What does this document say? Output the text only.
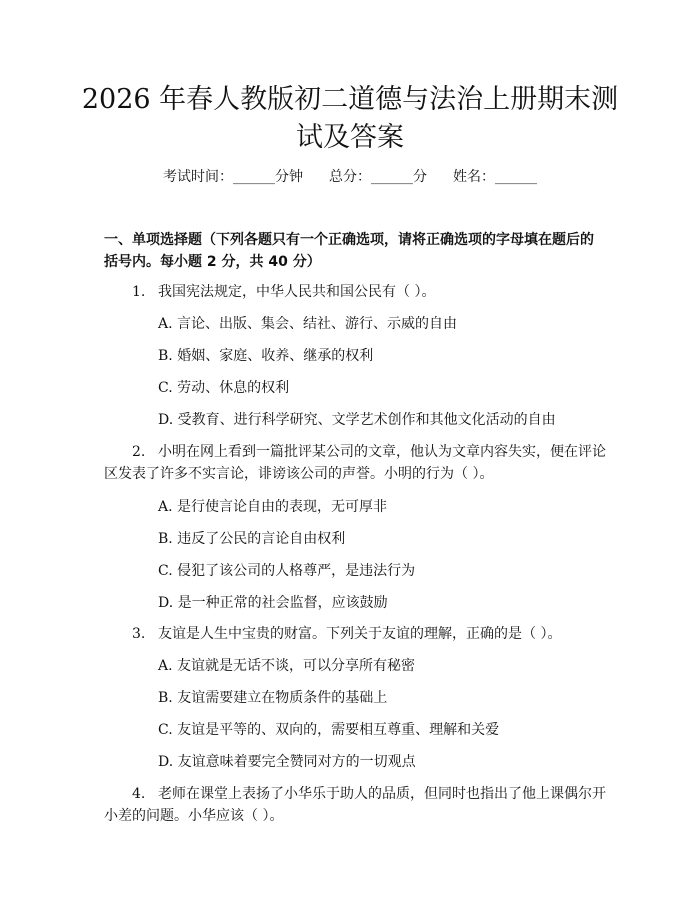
2026 年春人教版初二道德与法治上册期末测
试及答案
考试时间：______分钟 总分：______分 姓名：______
一、单项选择题（下列各题只有一个正确选项，请将正确选项的字母填在题后的括号内。每小题 2 分，共 40 分）
1. 我国宪法规定，中华人民共和国公民有（ ）。
A. 言论、出版、集会、结社、游行、示威的自由
B. 婚姻、家庭、收养、继承的权利
C. 劳动、休息的权利
D. 受教育、进行科学研究、文学艺术创作和其他文化活动的自由
2. 小明在网上看到一篇批评某公司的文章，他认为文章内容失实，便在评论
区发表了许多不实言论，诽谤该公司的声誉。小明的行为（ ）。
A. 是行使言论自由的表现，无可厚非
B. 违反了公民的言论自由权利
C. 侵犯了该公司的人格尊严，是违法行为
D. 是一种正常的社会监督，应该鼓励
3. 友谊是人生中宝贵的财富。下列关于友谊的理解，正确的是（ ）。
A. 友谊就是无话不谈，可以分享所有秘密
B. 友谊需要建立在物质条件的基础上
C. 友谊是平等的、双向的，需要相互尊重、理解和关爱
D. 友谊意味着要完全赞同对方的一切观点
4. 老师在课堂上表扬了小华乐于助人的品质，但同时也指出了他上课偶尔开
小差的问题。小华应该（ ）。
